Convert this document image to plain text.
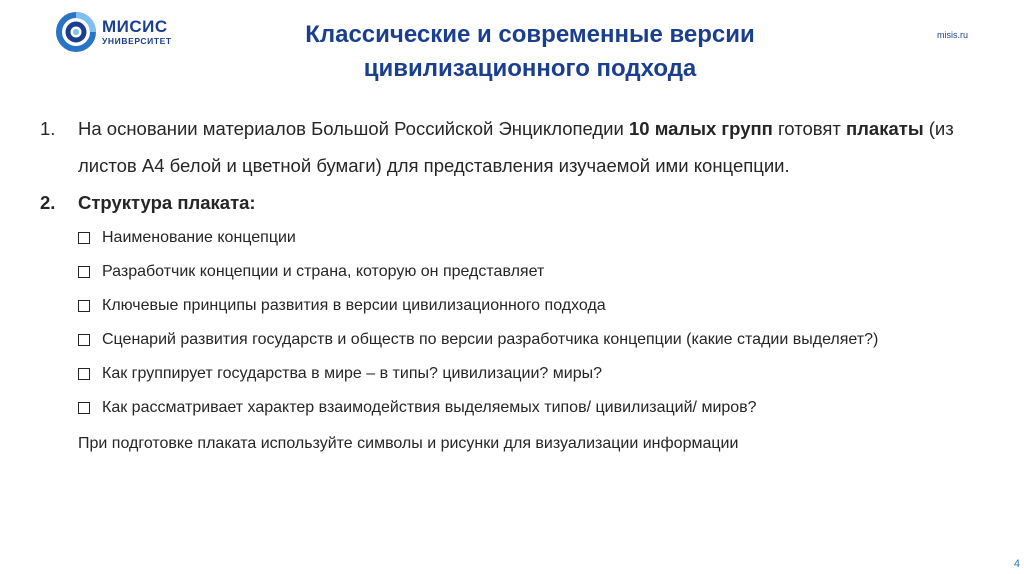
МИСИС
УНИВЕРСИТЕТ	Классические и современные версии
цивилизационного подхода
misis.ru
1.	На основании материалов Большой Российской Энциклопедии 10 малых групп готовят плакаты (из листов А4 белой и цветной бумаги) для представления изучаемой ими концепции.
2.	Структура плаката:
Наименование концепции
Разработчик концепции и страна, которую он представляет
Ключевые принципы развития в версии цивилизационного подхода
Сценарий развития государств и обществ по версии разработчика концепции (какие стадии выделяет?)
Как группирует государства в мире – в типы? цивилизации? миры?
Как рассматривает характер взаимодействия выделяемых типов/ цивилизаций/ миров?
При подготовке плаката используйте символы и рисунки для визуализации информации
4
